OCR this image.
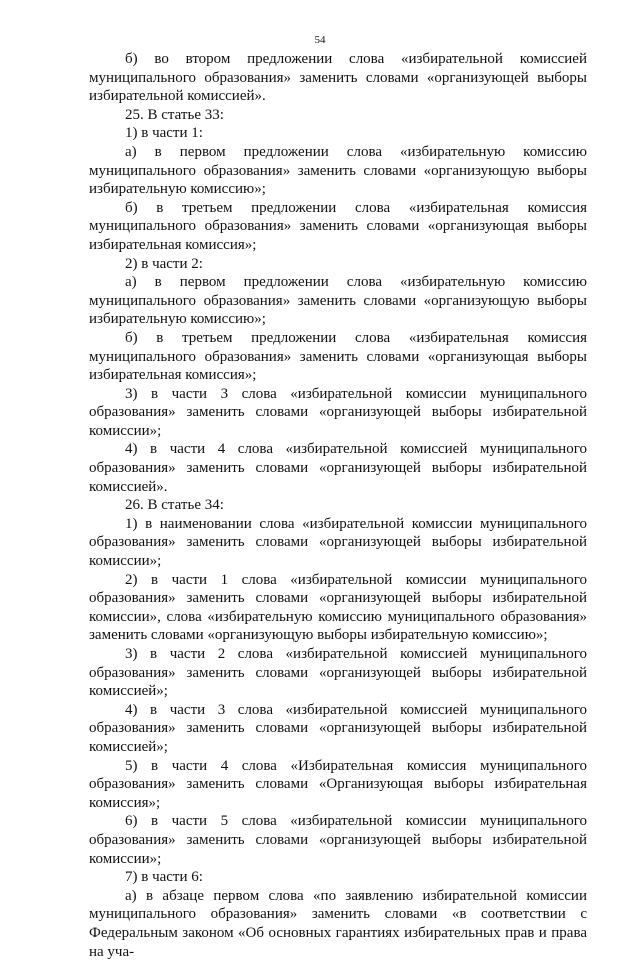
54

б) во втором предложении слова «избирательной комиссией муниципального образования» заменить словами «организующей выборы избирательной комиссией».

25. В статье 33:

1) в части 1:

а) в первом предложении слова «избирательную комиссию муниципального образования» заменить словами «организующую выборы избирательную комиссию»;

б) в третьем предложении слова «избирательная комиссия муниципального образования» заменить словами «организующая выборы избирательная комиссия»;

2) в части 2:

а) в первом предложении слова «избирательную комиссию муниципального образования» заменить словами «организующую выборы избирательную комиссию»;

б) в третьем предложении слова «избирательная комиссия муниципального образования» заменить словами «организующая выборы избирательная комиссия»;

3) в части 3 слова «избирательной комиссии муниципального образования» заменить словами «организующей выборы избирательной комиссии»;

4) в части 4 слова «избирательной комиссией муниципального образования» заменить словами «организующей выборы избирательной комиссией».

26. В статье 34:

1) в наименовании слова «избирательной комиссии муниципального образования» заменить словами «организующей выборы избирательной комиссии»;

2) в части 1 слова «избирательной комиссии муниципального образования» заменить словами «организующей выборы избирательной комиссии», слова «избирательную комиссию муниципального образования» заменить словами «организующую выборы избирательную комиссию»;

3) в части 2 слова «избирательной комиссией муниципального образования» заменить словами «организующей выборы избирательной комиссией»;

4) в части 3 слова «избирательной комиссией муниципального образования» заменить словами «организующей выборы избирательной комиссией»;

5) в части 4 слова «Избирательная комиссия муниципального образования» заменить словами «Организующая выборы избирательная комиссия»;

6) в части 5 слова «избирательной комиссии муниципального образования» заменить словами «организующей выборы избирательной комиссии»;

7) в части 6:

а) в абзаце первом слова «по заявлению избирательной комиссии муниципального образования» заменить словами «в соответствии с Федеральным законом «Об основных гарантиях избирательных прав и права на уча-
